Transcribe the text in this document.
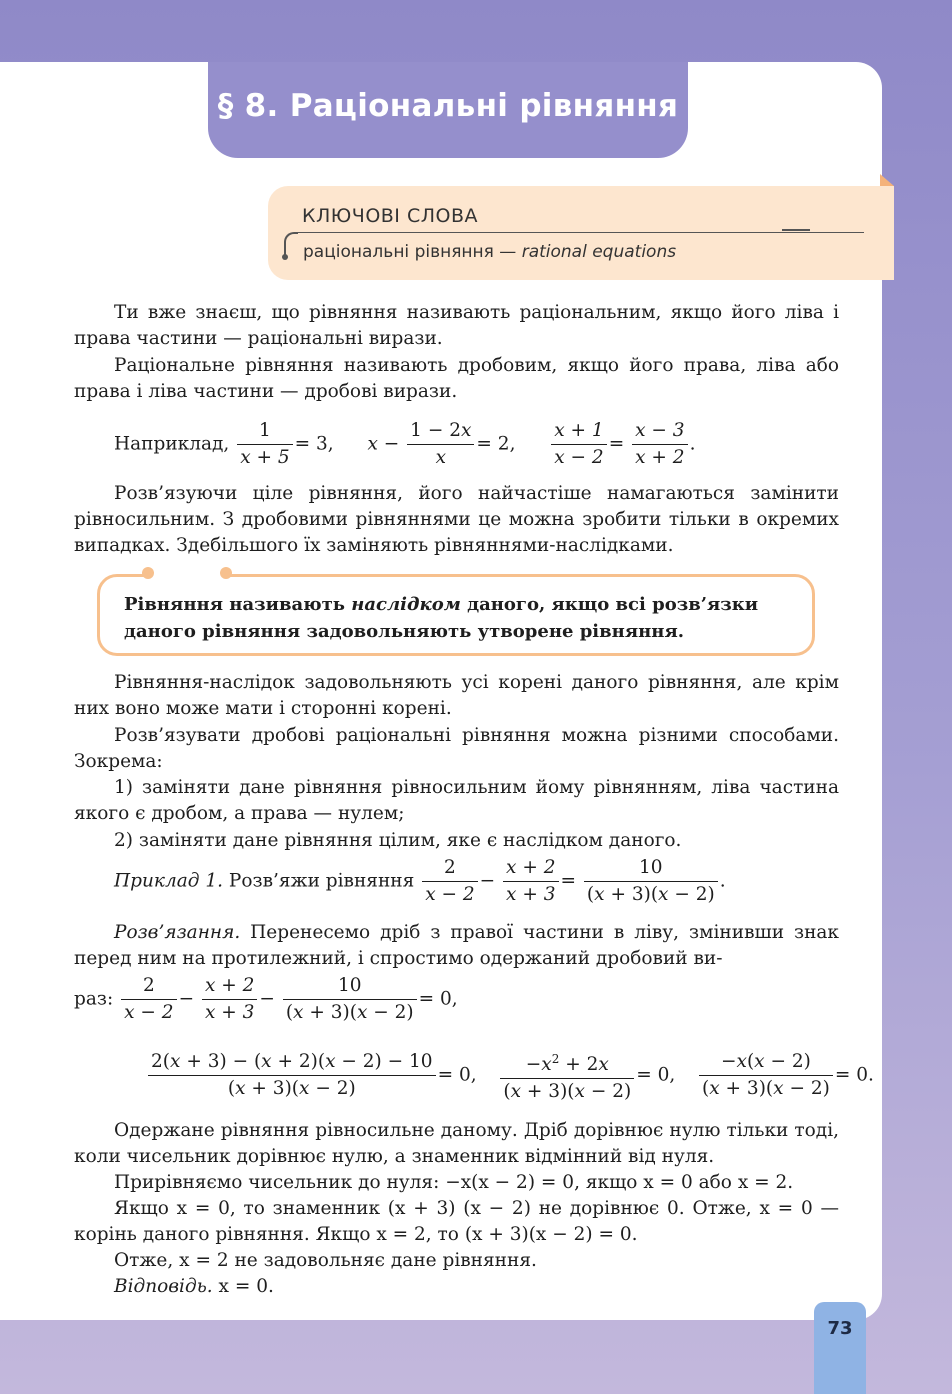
§ 8. Раціональні рівняння
КЛЮЧОВІ СЛОВА
раціональні рівняння — rational equations
Ти вже знаєш, що рівняння називають раціональним, якщо його ліва і права частини — раціональні вирази.
Раціональне рівняння називають дробовим, якщо його права, ліва або права і ліва частини — дробові вирази.
Наприклад, $\frac{1}{x + 5} = 3$,  $x - \frac{1 - 2x}{x} = 2$, $\frac{x + 1}{x - 2} = \frac{x - 3}{x + 2}$ .
Розв’язуючи ціле рівняння, його найчастіше намагаються замінити рівносильним. З дробовими рівняннями це можна зробити тільки в окремих випадках. Здебільшого їх заміняють рівняннями-наслідками.
Рівняння називають наслідком даного, якщо всі розв’язки даного рівняння задовольняють утворене рівняння.
Рівняння-наслідок задовольняють усі корені даного рівняння, але крім них воно може мати і сторонні корені.
Розв’язувати дробові раціональні рівняння можна різними способами. Зокрема:
1) заміняти дане рівняння рівносильним йому рівнянням, ліва частина якого є дробом, а права — нулем;
2) заміняти дане рівняння цілим, яке є наслідком даного.
Приклад 1. Розв’яжи рівняння $\frac{2}{x - 2} - \frac{x + 2}{x + 3} = \frac{10}{(x + 3)(x - 2)}$ .
Розв’язання. Перенесемо дріб з правої частини в ліву, змінивши знак перед ним на протилежний, і спростимо одержаний дробовий ви-
раз: $\frac{2}{x - 2} - \frac{x + 2}{x + 3} - \frac{10}{(x + 3)(x - 2)} = 0$,
$\frac{2(x + 3) - (x + 2)(x - 2) - 10}{(x + 3)(x - 2)} = 0$, $\frac{-x^2 + 2x}{(x + 3)(x - 2)} = 0$, $\frac{-x(x - 2)}{(x + 3)(x - 2)} = 0$.
Одержане рівняння рівносильне даному. Дріб дорівнює нулю тільки тоді, коли чисельник дорівнює нулю, а знаменник відмінний від нуля.
Прирівняємо чисельник до нуля: −x(x − 2) = 0, якщо x = 0 або x = 2.
Якщо x = 0, то знаменник (x + 3) (x − 2) не дорівнює 0. Отже, x = 0 — корінь даного рівняння. Якщо x = 2, то (x + 3)(x − 2) = 0.
Отже, x = 2 не задовольняє дане рівняння.
Відповідь. x = 0.
73
